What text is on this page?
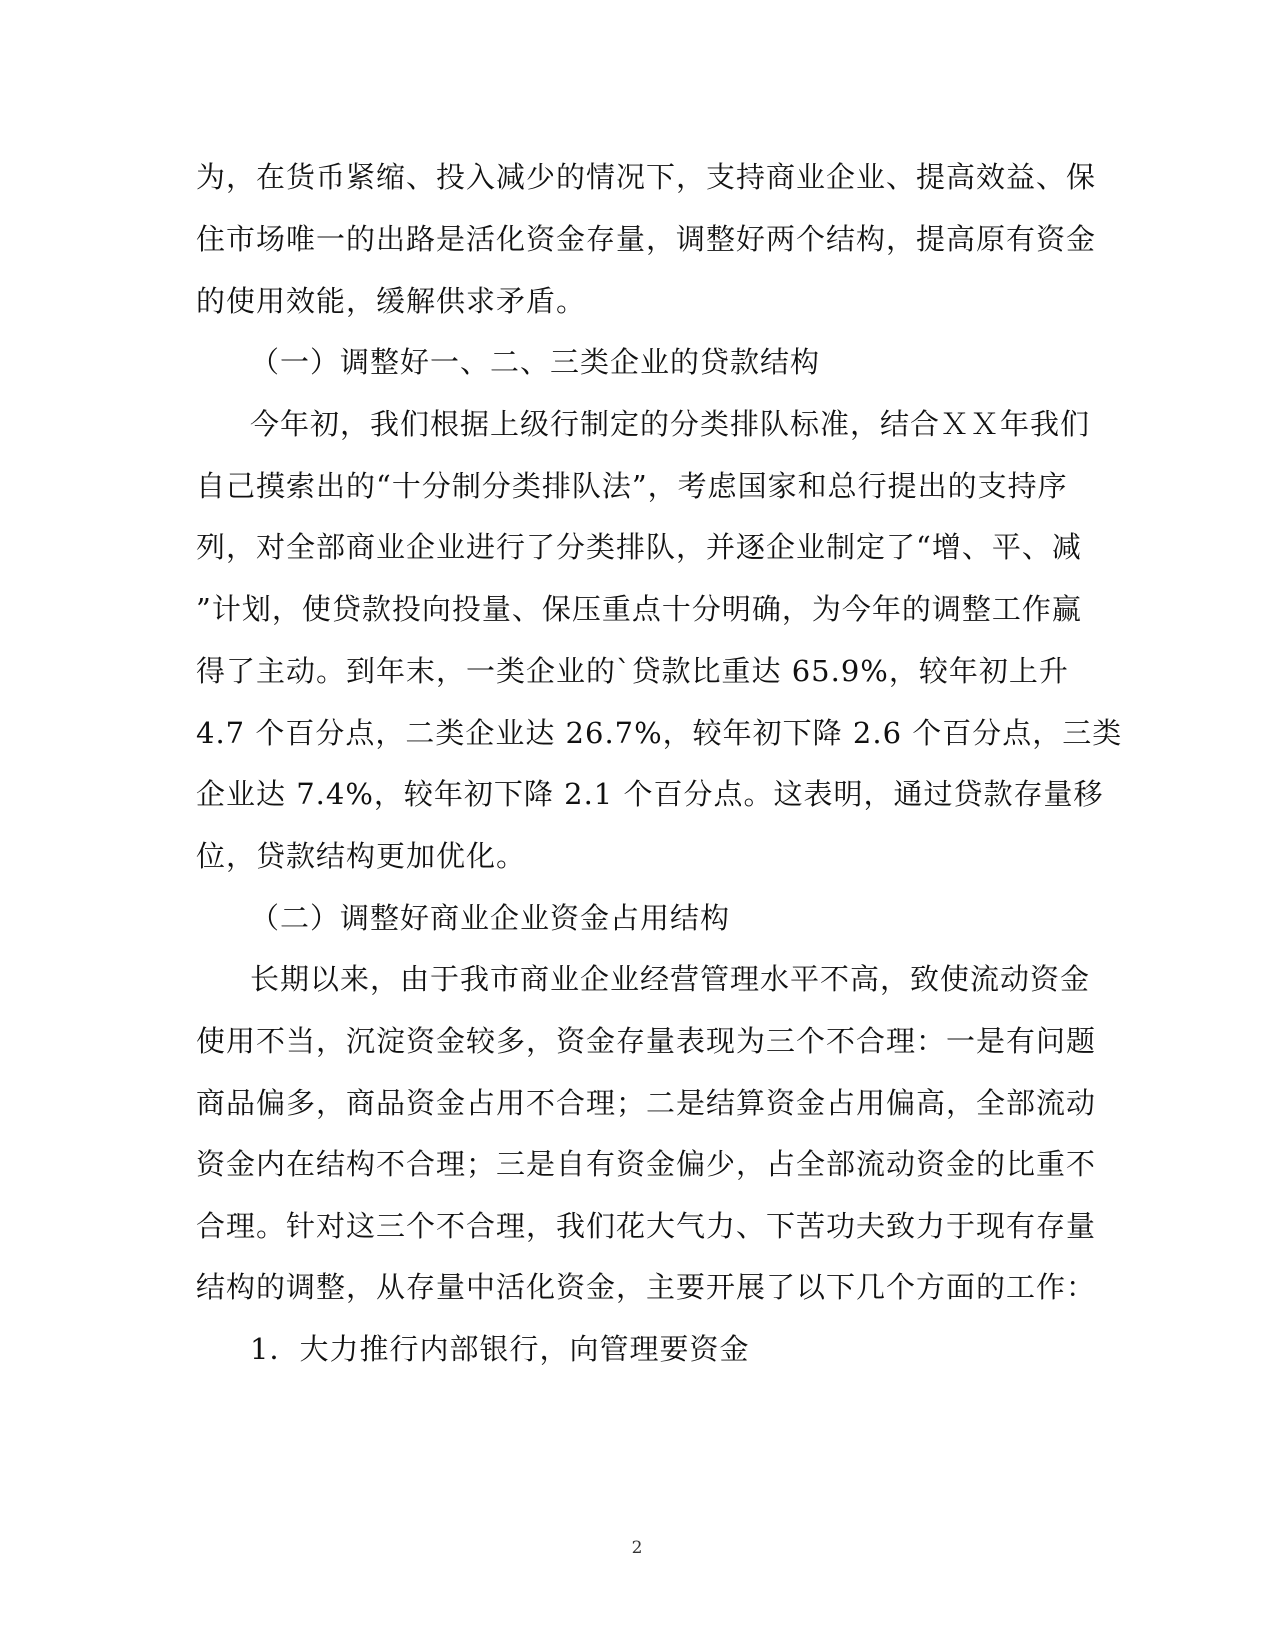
为，在货币紧缩、投入减少的情况下，支持商业企业、提高效益、保
住市场唯一的出路是活化资金存量，调整好两个结构，提高原有资金
的使用效能，缓解供求矛盾。
（一）调整好一、二、三类企业的贷款结构
今年初，我们根据上级行制定的分类排队标准，结合ＸＸ年我们
自己摸索出的“十分制分类排队法”，考虑国家和总行提出的支持序
列，对全部商业企业进行了分类排队，并逐企业制定了“增、平、减
”计划，使贷款投向投量、保压重点十分明确，为今年的调整工作赢
得了主动。到年末，一类企业的`贷款比重达 65.9%，较年初上升
4.7 个百分点，二类企业达 26.7%，较年初下降 2.6 个百分点，三类
企业达 7.4%，较年初下降 2.1 个百分点。这表明，通过贷款存量移
位，贷款结构更加优化。
（二）调整好商业企业资金占用结构
长期以来，由于我市商业企业经营管理水平不高，致使流动资金
使用不当，沉淀资金较多，资金存量表现为三个不合理：一是有问题
商品偏多，商品资金占用不合理；二是结算资金占用偏高，全部流动
资金内在结构不合理；三是自有资金偏少，占全部流动资金的比重不
合理。针对这三个不合理，我们花大气力、下苦功夫致力于现有存量
结构的调整，从存量中活化资金，主要开展了以下几个方面的工作：
1．大力推行内部银行，向管理要资金
2
